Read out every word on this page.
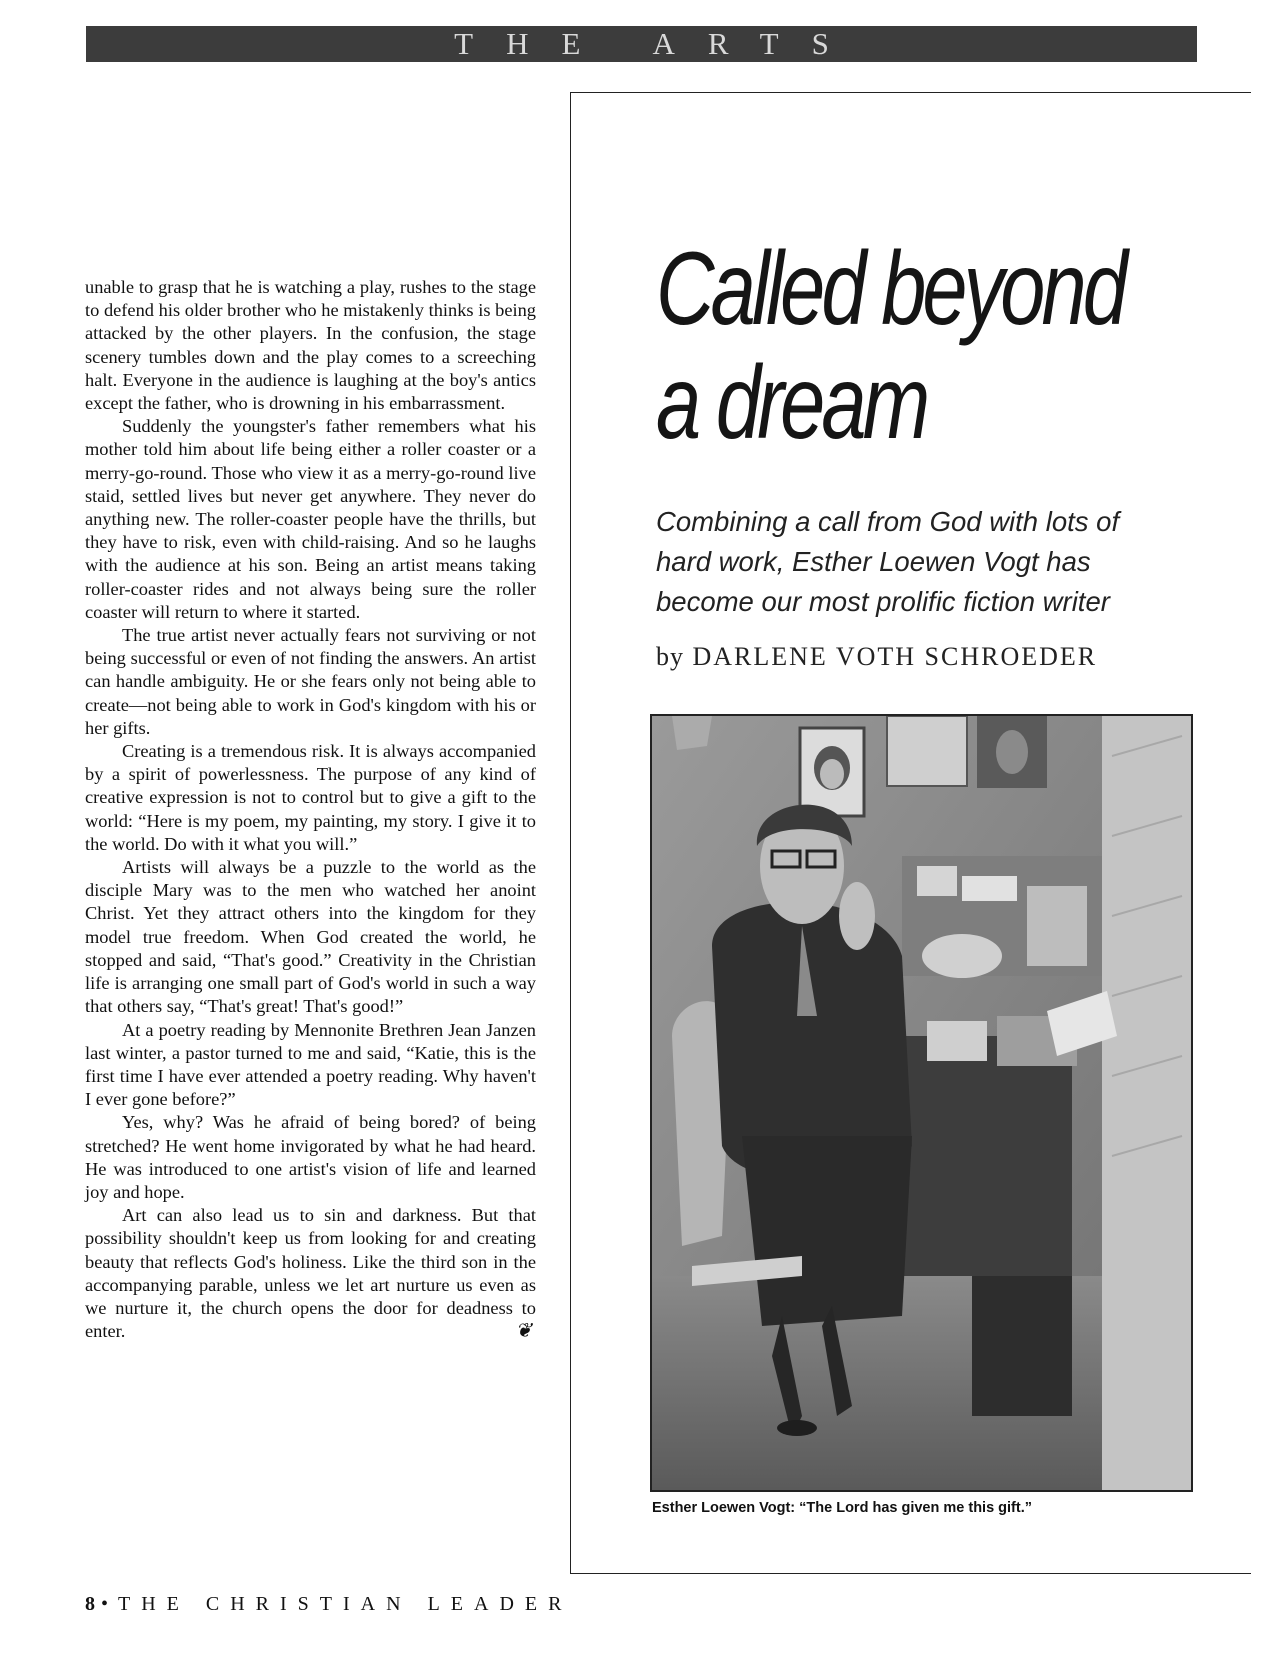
THE ARTS

unable to grasp that he is watching a play, rushes to the stage to defend his older brother who he mistakenly thinks is being attacked by the other players. In the confusion, the stage scenery tumbles down and the play comes to a screeching halt. Everyone in the audience is laughing at the boy's antics except the father, who is drowning in his embarrassment.

Suddenly the youngster's father remembers what his mother told him about life being either a roller coaster or a merry-go-round. Those who view it as a merry-go-round live staid, settled lives but never get anywhere. They never do anything new. The roller-coaster people have the thrills, but they have to risk, even with child-raising. And so he laughs with the audience at his son. Being an artist means taking roller-coaster rides and not always being sure the roller coaster will return to where it started.

The true artist never actually fears not surviving or not being successful or even of not finding the answers. An artist can handle ambiguity. He or she fears only not being able to create—not being able to work in God's kingdom with his or her gifts.

Creating is a tremendous risk. It is always accompanied by a spirit of powerlessness. The purpose of any kind of creative expression is not to control but to give a gift to the world: “Here is my poem, my painting, my story. I give it to the world. Do with it what you will.”

Artists will always be a puzzle to the world as the disciple Mary was to the men who watched her anoint Christ. Yet they attract others into the kingdom for they model true freedom. When God created the world, he stopped and said, “That's good.” Creativity in the Christian life is arranging one small part of God's world in such a way that others say, “That's great! That's good!”

At a poetry reading by Mennonite Brethren Jean Janzen last winter, a pastor turned to me and said, “Katie, this is the first time I have ever attended a poetry reading. Why haven't I ever gone before?”

Yes, why? Was he afraid of being bored? of being stretched? He went home invigorated by what he had heard. He was introduced to one artist's vision of life and learned joy and hope.

Art can also lead us to sin and darkness. But that possibility shouldn't keep us from looking for and creating beauty that reflects God's holiness. Like the third son in the accompanying parable, unless we let art nurture us even as we nurture it, the church opens the door for deadness to enter.	❦

Called beyond
a dream
Combining a call from God with lots of
hard work, Esther Loewen Vogt has
become our most prolific fiction writer
by DARLENE VOTH SCHROEDER
Esther Loewen Vogt: “The Lord has given me this gift.”
8 • THE CHRISTIAN LEADER
